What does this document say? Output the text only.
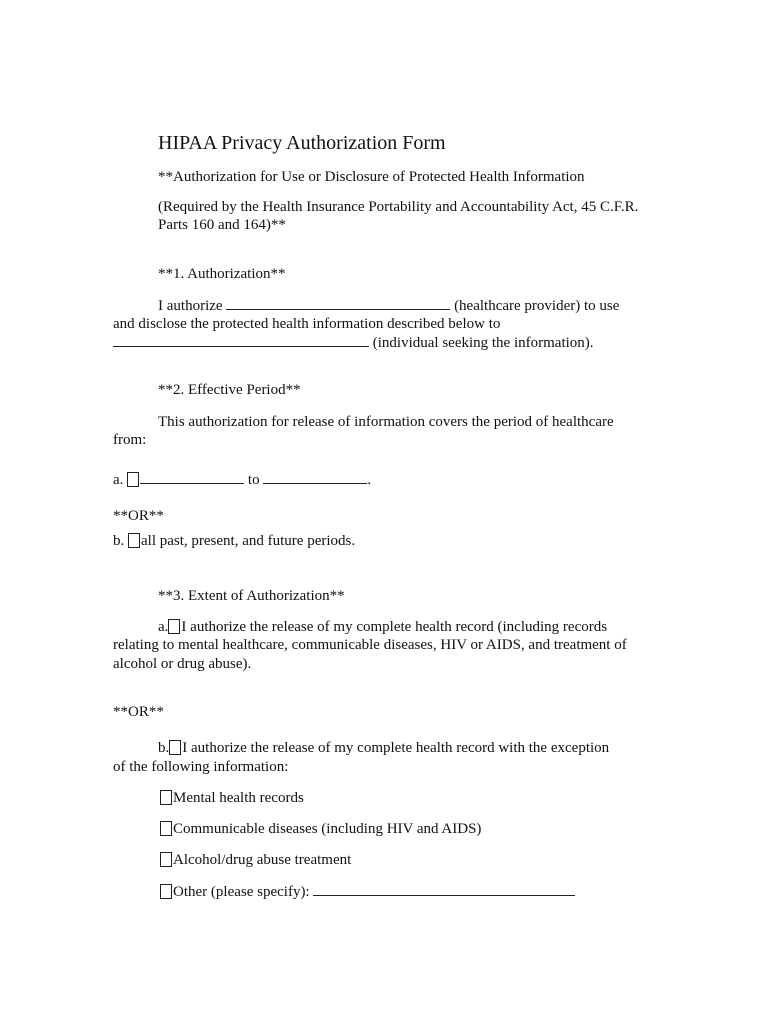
HIPAA Privacy Authorization Form
**Authorization for Use or Disclosure of Protected Health Information
(Required by the Health Insurance Portability and Accountability Act, 45 C.F.R.
Parts 160 and 164)**
**1. Authorization**
I authorize	(healthcare provider) to use
and disclose the protected health information described below to
(individual seeking the information).
**2. Effective Period**
This authorization for release of information covers the period of healthcare
from:
a.	to	.
**OR**
b. all past, present, and future periods.
**3. Extent of Authorization**
a. I authorize the release of my complete health record (including records
relating to mental healthcare, communicable diseases, HIV or AIDS, and treatment of
alcohol or drug abuse).
**OR**
b. I authorize the release of my complete health record with the exception
of the following information:
Mental health records
Communicable diseases (including HIV and AIDS)
Alcohol/drug abuse treatment
Other (please specify):
